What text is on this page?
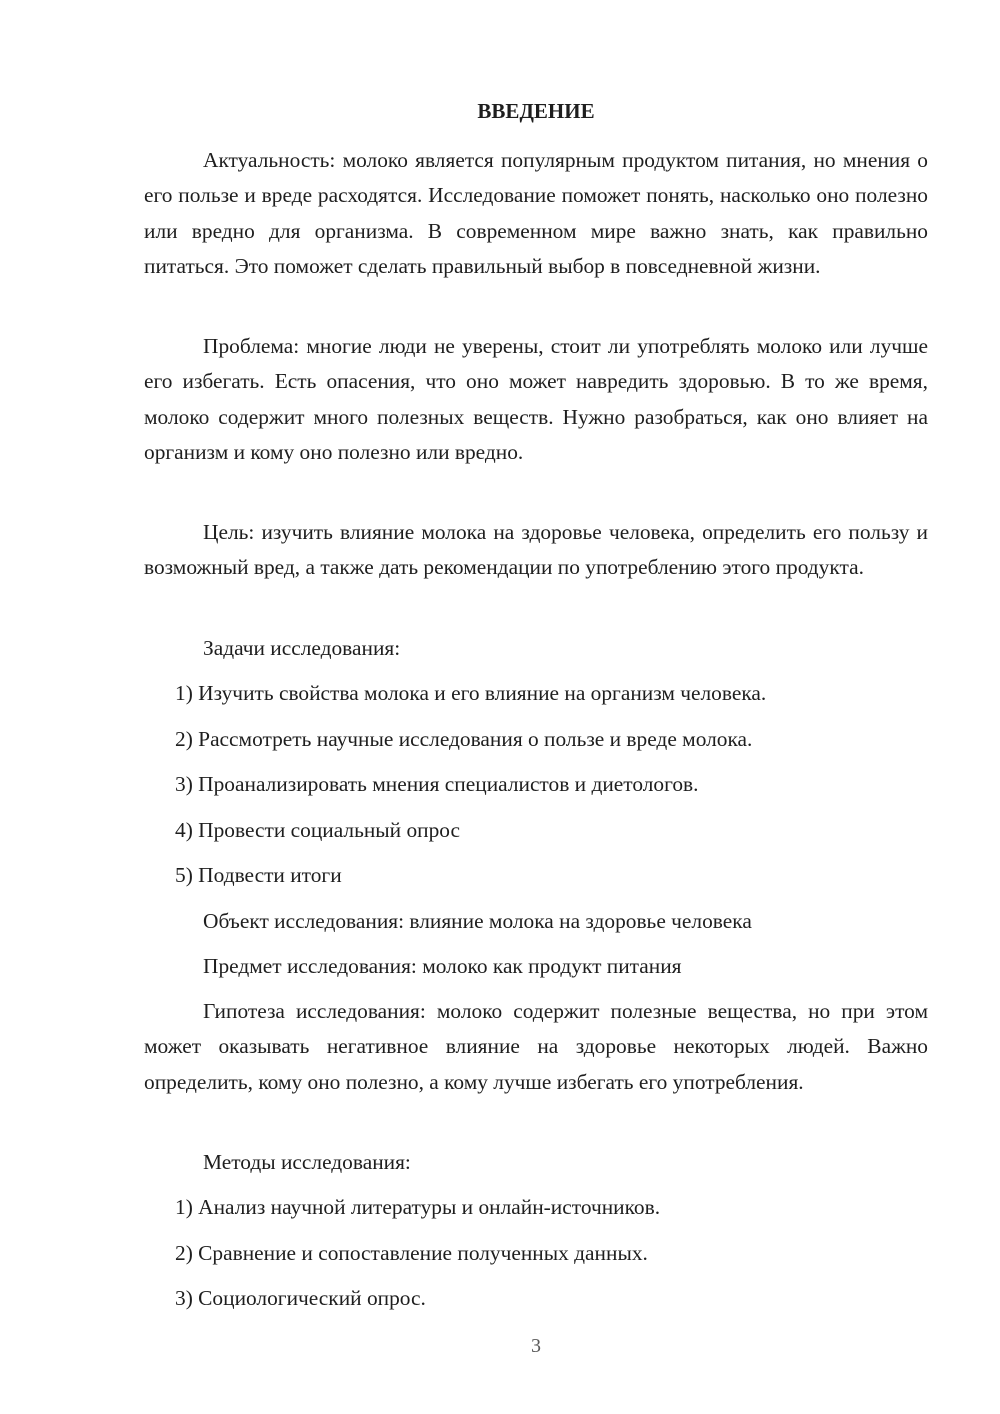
ВВЕДЕНИЕ

Актуальность: молоко является популярным продуктом питания, но мнения о его пользе и вреде расходятся. Исследование поможет понять, насколько оно полезно или вредно для организма. В современном мире важно знать, как правильно питаться. Это поможет сделать правильный выбор в повседневной жизни.

Проблема: многие люди не уверены, стоит ли употреблять молоко или лучше его избегать. Есть опасения, что оно может навредить здоровью. В то же время, молоко содержит много полезных веществ. Нужно разобраться, как оно влияет на организм и кому оно полезно или вредно.

Цель: изучить влияние молока на здоровье человека, определить его пользу и возможный вред, а также дать рекомендации по употреблению этого продукта.

Задачи исследования:

1) Изучить свойства молока и его влияние на организм человека.

2) Рассмотреть научные исследования о пользе и вреде молока.

3) Проанализировать мнения специалистов и диетологов.

4) Провести социальный опрос

5) Подвести итоги

Объект исследования: влияние молока на здоровье человека

Предмет исследования: молоко как продукт питания

Гипотеза исследования: молоко содержит полезные вещества, но при этом может оказывать негативное влияние на здоровье некоторых людей. Важно определить, кому оно полезно, а кому лучше избегать его употребления.

Методы исследования:

1) Анализ научной литературы и онлайн-источников.

2) Сравнение и сопоставление полученных данных.

3) Социологический опрос.

3
